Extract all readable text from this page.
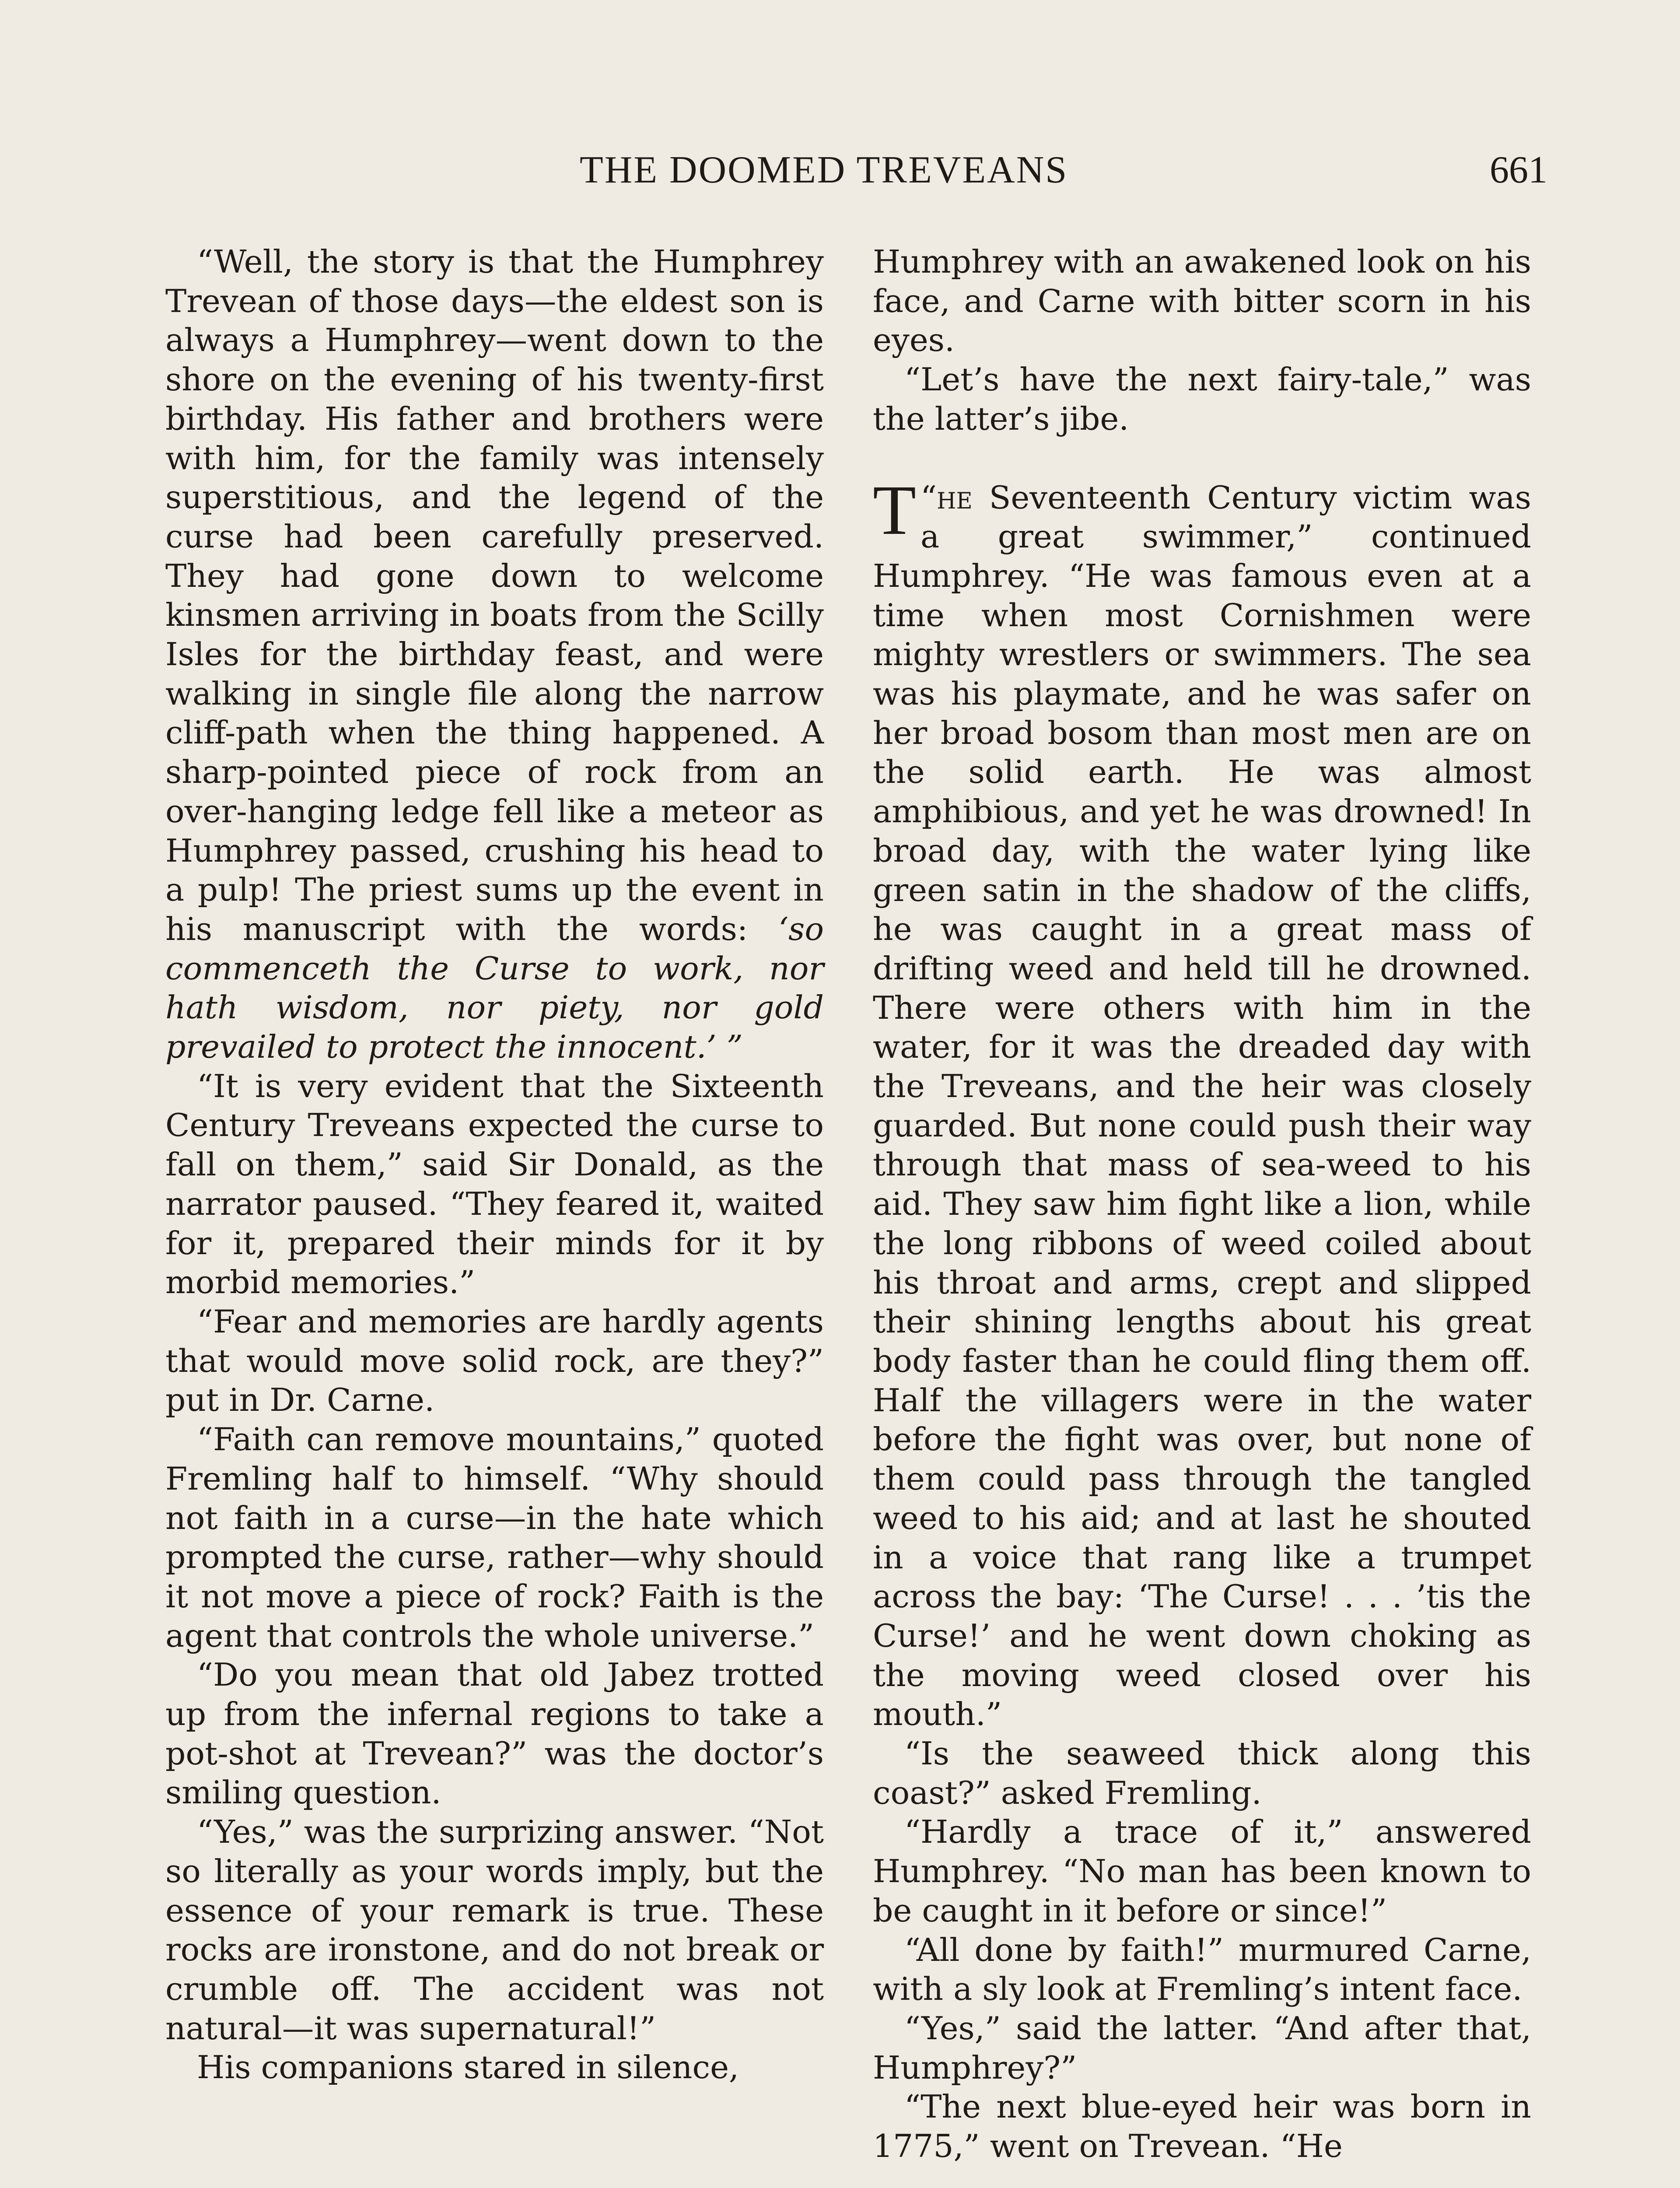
THE DOOMED TREVEANS	661

“Well, the story is that the Humphrey Trevean of those days—the eldest son is always a Humphrey—went down to the shore on the evening of his twenty-first birthday. His father and brothers were with him, for the family was intensely superstitious, and the legend of the curse had been carefully preserved. They had gone down to welcome kinsmen arriving in boats from the Scilly Isles for the birthday feast, and were walking in single file along the narrow cliff-path when the thing happened. A sharp-pointed piece of rock from an over-hanging ledge fell like a meteor as Humphrey passed, crushing his head to a pulp! The priest sums up the event in his manuscript with the words: ‘so commenceth the Curse to work, nor hath wisdom, nor piety, nor gold prevailed to protect the innocent.’ ”

“It is very evident that the Sixteenth Century Treveans expected the curse to fall on them,” said Sir Donald, as the narrator paused. “They feared it, waited for it, prepared their minds for it by morbid memories.”

“Fear and memories are hardly agents that would move solid rock, are they?” put in Dr. Carne.

“Faith can remove mountains,” quoted Fremling half to himself. “Why should not faith in a curse—in the hate which prompted the curse, rather—why should it not move a piece of rock? Faith is the agent that controls the whole universe.”

“Do you mean that old Jabez trotted up from the infernal regions to take a pot-shot at Trevean?” was the doctor’s smiling question.

“Yes,” was the surprizing answer. “Not so literally as your words imply, but the essence of your remark is true. These rocks are ironstone, and do not break or crumble off. The accident was not natural—it was supernatural!”

His companions stared in silence,

Humphrey with an awakened look on his face, and Carne with bitter scorn in his eyes.

“Let’s have the next fairy-tale,” was the latter’s jibe.

“
T he Seventeenth Century victim was a great swimmer,” continued Humphrey. “He was famous even at a time when most Cornishmen were mighty wrestlers or swimmers. The sea was his playmate, and he was safer on her broad bosom than most men are on the solid earth. He was almost amphibious, and yet he was drowned! In broad day, with the water lying like green satin in the shadow of the cliffs, he was caught in a great mass of drifting weed and held till he drowned. There were others with him in the water, for it was the dreaded day with the Treveans, and the heir was closely guarded. But none could push their way through that mass of sea-weed to his aid. They saw him fight like a lion, while the long ribbons of weed coiled about his throat and arms, crept and slipped their shining lengths about his great body faster than he could fling them off. Half the villagers were in the water before the fight was over, but none of them could pass through the tangled weed to his aid; and at last he shouted in a voice that rang like a trumpet across the bay: ‘The Curse! . . . ’tis the Curse!’ and he went down choking as the moving weed closed over his mouth.”

“Is the seaweed thick along this coast?” asked Fremling.

“Hardly a trace of it,” answered Humphrey. “No man has been known to be caught in it before or since!”

“All done by faith!” murmured Carne, with a sly look at Fremling’s intent face.

“Yes,” said the latter. “And after that, Humphrey?”

“The next blue-eyed heir was born in 1775,” went on Trevean. “He
